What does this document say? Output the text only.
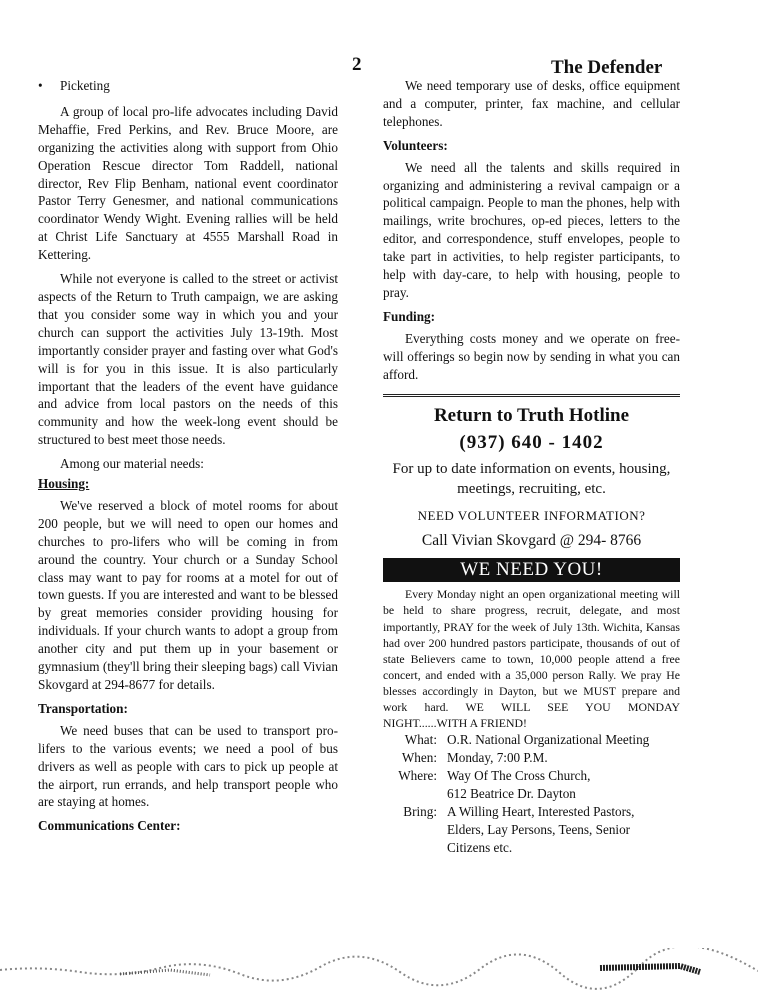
2	The Defender
• Picketing

A group of local pro-life advocates including David Mehaffie, Fred Perkins, and Rev. Bruce Moore, are organizing the activities along with support from Ohio Operation Rescue director Tom Raddell, national director, Rev Flip Benham, national event coordinator Pastor Terry Genesmer, and national communications coordinator Wendy Wight. Evening rallies will be held at Christ Life Sanctuary at 4555 Marshall Road in Kettering.

While not everyone is called to the street or activist aspects of the Return to Truth campaign, we are asking that you consider some way in which you and your church can support the activities July 13-19th. Most importantly consider prayer and fasting over what God's will is for you in this issue. It is also particularly important that the leaders of the event have guidance and advice from local pastors on the needs of this community and how the week-long event should be structured to best meet those needs.

Among our material needs:

Housing:

We've reserved a block of motel rooms for about 200 people, but we will need to open our homes and churches to pro-lifers who will be coming in from around the country. Your church or a Sunday School class may want to pay for rooms at a motel for out of town guests. If you are interested and want to be blessed by great memories consider providing housing for individuals. If your church wants to adopt a group from another city and put them up in your basement or gymnasium (they'll bring their sleeping bags) call Vivian Skovgard at 294-8677 for details.

Transportation:

We need buses that can be used to transport pro-lifers to the various events; we need a pool of bus drivers as well as people with cars to pick up people at the airport, run errands, and help transport people who are staying at homes.

Communications Center:

We need temporary use of desks, office equipment and a computer, printer, fax machine, and cellular telephones.

Volunteers:

We need all the talents and skills required in organizing and administering a revival campaign or a political campaign. People to man the phones, help with mailings, write brochures, op-ed pieces, letters to the editor, and correspondence, stuff envelopes, people to take part in activities, to help register participants, to help with day-care, to help with housing, people to pray.

Funding:

Everything costs money and we operate on free-will offerings so begin now by sending in what you can afford.

Return to Truth Hotline
(937) 640 - 1402
For up to date information on events, housing, meetings, recruiting, etc.
NEED VOLUNTEER INFORMATION?
Call Vivian Skovgard @ 294- 8766
WE NEED YOU!

Every Monday night an open organizational meeting will be held to share progress, recruit, delegate, and most importantly, PRAY for the week of July 13th. Wichita, Kansas had over 200 hundred pastors participate, thousands of out of state Believers came to town, 10,000 people attend a free concert, and ended with a 35,000 person Rally. We pray He blesses accordingly in Dayton, but we MUST prepare and work hard. WE WILL SEE YOU MONDAY NIGHT......WITH A FRIEND!

What: O.R. National Organizational Meeting
When: Monday, 7:00 P.M.
Where: Way Of The Cross Church,
612 Beatrice Dr. Dayton
Bring: A Willing Heart, Interested Pastors,
Elders, Lay Persons, Teens, Senior
Citizens etc.
